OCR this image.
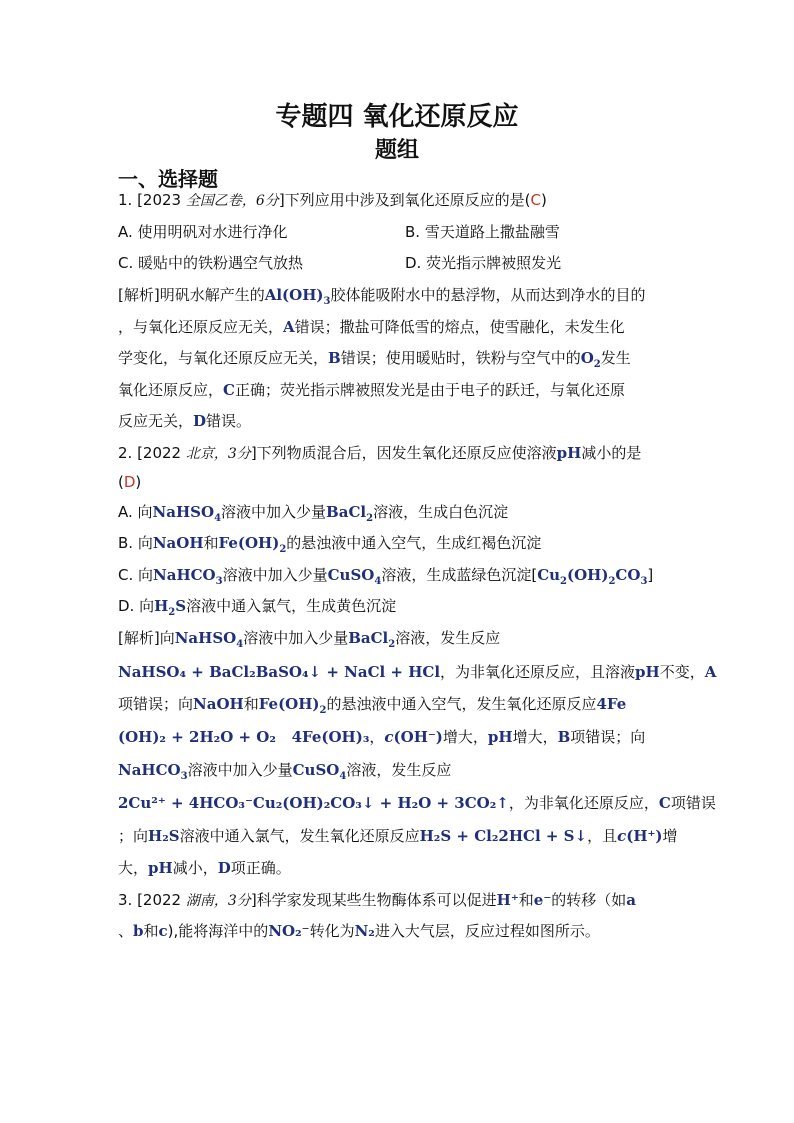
专题四 氧化还原反应
题组
一、选择题
1. [2023 全国乙卷，6分]下列应用中涉及到氧化还原反应的是(C)
A. 使用明矾对水进行净化	B. 雪天道路上撒盐融雪
C. 暖贴中的铁粉遇空气放热	D. 荧光指示牌被照发光
[解析]明矾水解产生的$Al(OH)_3$胶体能吸附水中的悬浮物，从而达到净水的目的
，与氧化还原反应无关，A错误；撒盐可降低雪的熔点，使雪融化，未发生化
学变化，与氧化还原反应无关，B错误；使用暖贴时，铁粉与空气中的$O_2$发生
氧化还原反应，C正确；荧光指示牌被照发光是由于电子的跃迁，与氧化还原
反应无关，D错误。
2. [2022 北京，3分]下列物质混合后，因发生氧化还原反应使溶液pH减小的是
(D)
A. 向NaHSO$_4$溶液中加入少量BaCl$_2$溶液，生成白色沉淀
B. 向NaOH和$Fe(OH)_2$的悬浊液中通入空气，生成红褐色沉淀
C. 向NaHCO$_3$溶液中加入少量CuSO$_4$溶液，生成蓝绿色沉淀$[Cu_2(OH)_2CO_3]$
D. 向$H_2S$溶液中通入氯气，生成黄色沉淀
[解析]向NaHSO$_4$溶液中加入少量BaCl$_2$溶液，发生反应
NaHSO₄ + BaCl₂BaSO₄↓ + NaCl + HCl，为非氧化还原反应，且溶液pH不变，A
项错误；向NaOH和$Fe(OH)_2$的悬浊液中通入空气，发生氧化还原反应4Fe
(OH)₂ + 2H₂O + O₂   4Fe(OH)₃，c(OH⁻)增大，pH增大，B项错误；向
NaHCO$_3$溶液中加入少量CuSO$_4$溶液，发生反应
2Cu²⁺ + 4HCO₃⁻Cu₂(OH)₂CO₃↓ + H₂O + 3CO₂↑，为非氧化还原反应，C项错误
；向H₂S溶液中通入氯气，发生氧化还原反应H₂S + Cl₂2HCl + S↓，且c(H⁺)增
大，pH减小，D项正确。
3. [2022 湖南，3分]科学家发现某些生物酶体系可以促进H⁺和e⁻的转移（如a
、b和c),能将海洋中的NO₂⁻转化为N₂进入大气层，反应过程如图所示。
